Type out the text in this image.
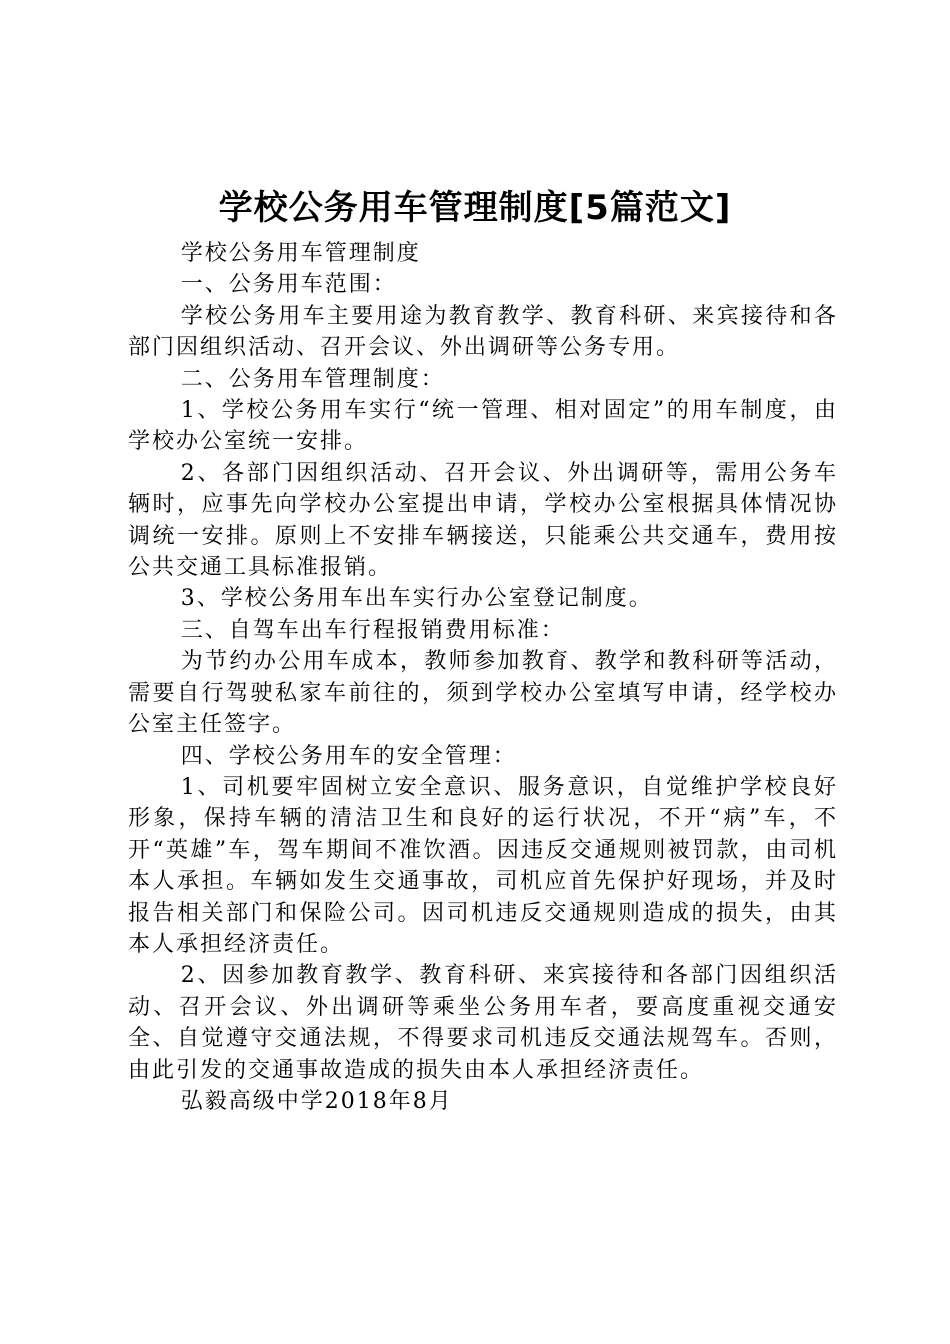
学校公务用车管理制度[5篇范文]

学校公务用车管理制度

一、公务用车范围：

学校公务用车主要用途为教育教学、教育科研、来宾接待和各部门因组织活动、召开会议、外出调研等公务专用。

二、公务用车管理制度：

1、学校公务用车实行“统一管理、相对固定”的用车制度，由学校办公室统一安排。

2、各部门因组织活动、召开会议、外出调研等，需用公务车辆时，应事先向学校办公室提出申请，学校办公室根据具体情况协调统一安排。原则上不安排车辆接送，只能乘公共交通车，费用按公共交通工具标准报销。

3、学校公务用车出车实行办公室登记制度。

三、自驾车出车行程报销费用标准：

为节约办公用车成本，教师参加教育、教学和教科研等活动，需要自行驾驶私家车前往的，须到学校办公室填写申请，经学校办公室主任签字。

四、学校公务用车的安全管理：

1、司机要牢固树立安全意识、服务意识，自觉维护学校良好形象，保持车辆的清洁卫生和良好的运行状况，不开“病”车，不开“英雄”车，驾车期间不准饮酒。因违反交通规则被罚款，由司机本人承担。车辆如发生交通事故，司机应首先保护好现场，并及时报告相关部门和保险公司。因司机违反交通规则造成的损失，由其本人承担经济责任。

2、因参加教育教学、教育科研、来宾接待和各部门因组织活动、召开会议、外出调研等乘坐公务用车者，要高度重视交通安全、自觉遵守交通法规，不得要求司机违反交通法规驾车。否则，由此引发的交通事故造成的损失由本人承担经济责任。

弘毅高级中学2018年8月
